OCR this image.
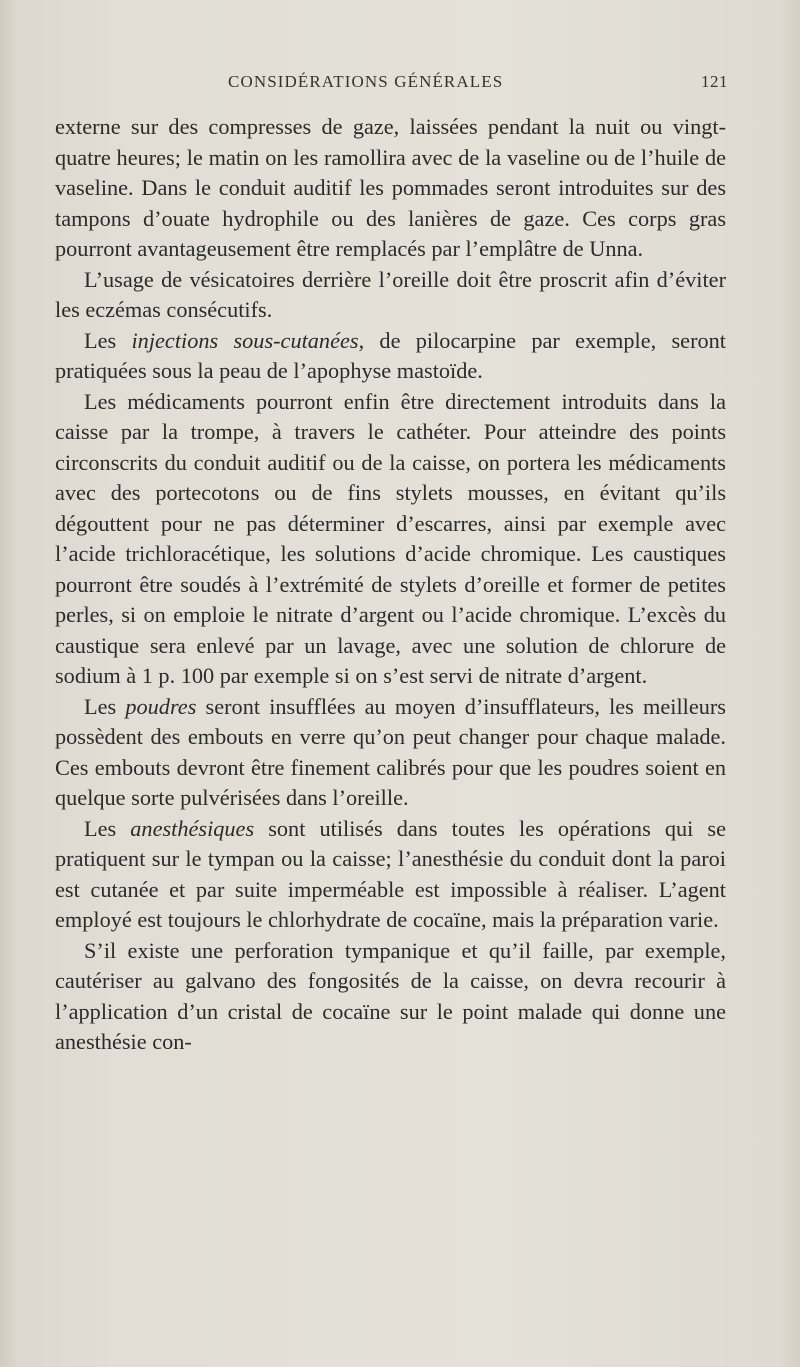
CONSIDÉRATIONS GÉNÉRALES	121

externe sur des compresses de gaze, laissées pendant la nuit ou vingt-quatre heures; le matin on les ramollira avec de la vaseline ou de l’huile de vaseline. Dans le conduit auditif les pommades seront introduites sur des tampons d’ouate hydrophile ou des lanières de gaze. Ces corps gras pourront avantageusement être remplacés par l’emplâtre de Unna.

L’usage de vésicatoires derrière l’oreille doit être proscrit afin d’éviter les eczémas consécutifs.

Les injections sous-cutanées, de pilocarpine par exemple, seront pratiquées sous la peau de l’apophyse mastoïde.

Les médicaments pourront enfin être directement introduits dans la caisse par la trompe, à travers le cathéter. Pour atteindre des points circonscrits du conduit auditif ou de la caisse, on portera les médicaments avec des portecotons ou de fins stylets mousses, en évitant qu’ils dégouttent pour ne pas déterminer d’escarres, ainsi par exemple avec l’acide trichloracétique, les solutions d’acide chromique. Les caustiques pourront être soudés à l’extrémité de stylets d’oreille et former de petites perles, si on emploie le nitrate d’argent ou l’acide chromique. L’excès du caustique sera enlevé par un lavage, avec une solution de chlorure de sodium à 1 p. 100 par exemple si on s’est servi de nitrate d’argent.

Les poudres seront insufflées au moyen d’insufflateurs, les meilleurs possèdent des embouts en verre qu’on peut changer pour chaque malade. Ces embouts devront être finement calibrés pour que les poudres soient en quelque sorte pulvérisées dans l’oreille.

Les anesthésiques sont utilisés dans toutes les opérations qui se pratiquent sur le tympan ou la caisse; l’anesthésie du conduit dont la paroi est cutanée et par suite imperméable est impossible à réaliser. L’agent employé est toujours le chlorhydrate de cocaïne, mais la préparation varie.

S’il existe une perforation tympanique et qu’il faille, par exemple, cautériser au galvano des fongosités de la caisse, on devra recourir à l’application d’un cristal de cocaïne sur le point malade qui donne une anesthésie con-
